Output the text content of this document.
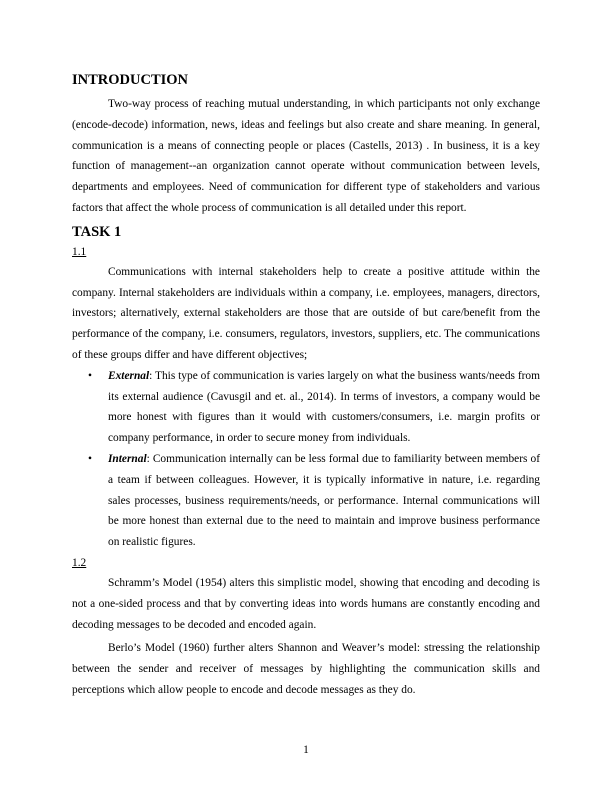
INTRODUCTION

Two-way process of reaching mutual understanding, in which participants not only exchange (encode-decode) information, news, ideas and feelings but also create and share meaning. In general, communication is a means of connecting people or places (Castells, 2013) . In business, it is a key function of management--an organization cannot operate without communication between levels, departments and employees. Need of communication for different type of stakeholders and various factors that affect the whole process of communication is all detailed under this report.

TASK 1
1.1

Communications with internal stakeholders help to create a positive attitude within the company. Internal stakeholders are individuals within a company, i.e. employees, managers, directors, investors; alternatively, external stakeholders are those that are outside of but care/benefit from the performance of the company, i.e. consumers, regulators, investors, suppliers, etc. The communications of these groups differ and have different objectives;

• External: This type of communication is varies largely on what the business wants/needs from its external audience (Cavusgil and et. al., 2014). In terms of investors, a company would be more honest with figures than it would with customers/consumers, i.e. margin profits or company performance, in order to secure money from individuals.
• Internal: Communication internally can be less formal due to familiarity between members of a team if between colleagues. However, it is typically informative in nature, i.e. regarding sales processes, business requirements/needs, or performance. Internal communications will be more honest than external due to the need to maintain and improve business performance on realistic figures.
1.2

Schramm’s Model (1954) alters this simplistic model, showing that encoding and decoding is not a one-sided process and that by converting ideas into words humans are constantly encoding and decoding messages to be decoded and encoded again.

Berlo’s Model (1960) further alters Shannon and Weaver’s model: stressing the relationship between the sender and receiver of messages by highlighting the communication skills and perceptions which allow people to encode and decode messages as they do.

1
